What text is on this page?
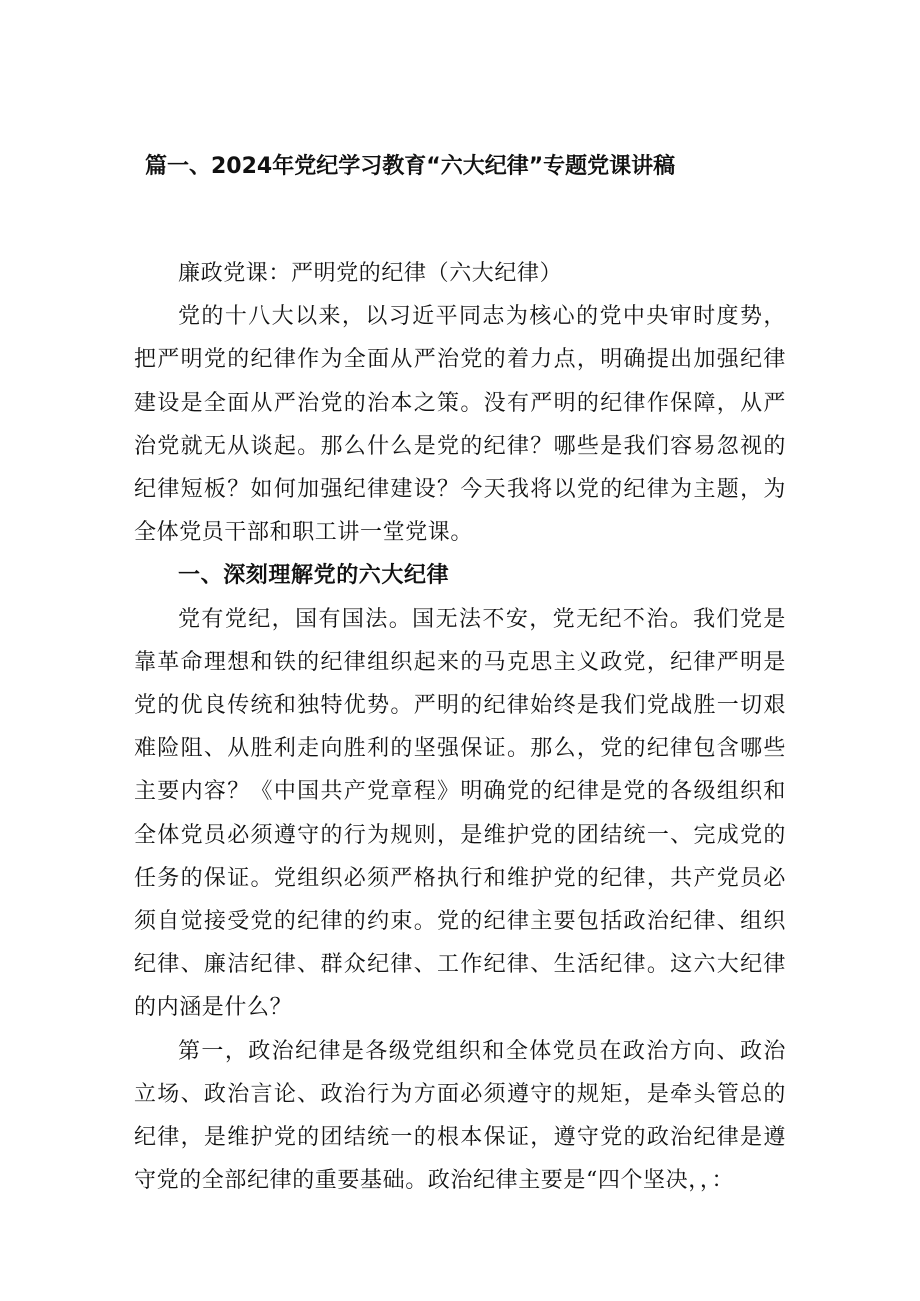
篇一、2024年党纪学习教育“六大纪律”专题党课讲稿

廉政党课：严明党的纪律（六大纪律）

党的十八大以来，以习近平同志为核心的党中央审时度势，把严明党的纪律作为全面从严治党的着力点，明确提出加强纪律建设是全面从严治党的治本之策。没有严明的纪律作保障，从严治党就无从谈起。那么什么是党的纪律？哪些是我们容易忽视的纪律短板？如何加强纪律建设？今天我将以党的纪律为主题，为全体党员干部和职工讲一堂党课。

一、深刻理解党的六大纪律

党有党纪，国有国法。国无法不安，党无纪不治。我们党是靠革命理想和铁的纪律组织起来的马克思主义政党，纪律严明是党的优良传统和独特优势。严明的纪律始终是我们党战胜一切艰难险阻、从胜利走向胜利的坚强保证。那么，党的纪律包含哪些主要内容？《中国共产党章程》明确党的纪律是党的各级组织和全体党员必须遵守的行为规则，是维护党的团结统一、完成党的任务的保证。党组织必须严格执行和维护党的纪律，共产党员必须自觉接受党的纪律的约束。党的纪律主要包括政治纪律、组织纪律、廉洁纪律、群众纪律、工作纪律、生活纪律。这六大纪律的内涵是什么？

第一，政治纪律是各级党组织和全体党员在政治方向、政治立场、政治言论、政治行为方面必须遵守的规矩，是牵头管总的纪律，是维护党的团结统一的根本保证，遵守党的政治纪律是遵守党的全部纪律的重要基础。政治纪律主要是“四个坚决，，：
